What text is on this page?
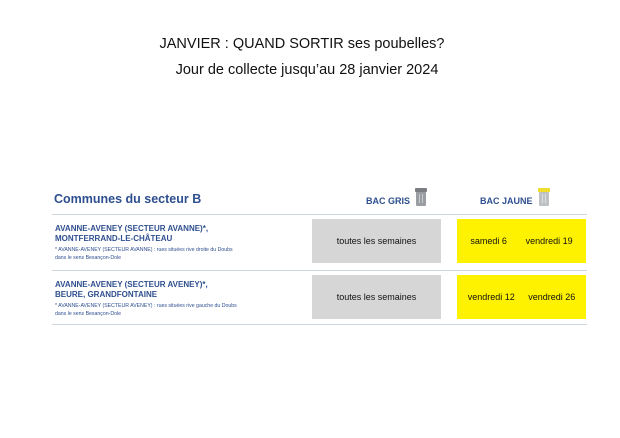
JANVIER : QUAND SORTIR ses poubelles?
Jour de collecte jusqu’au 28 janvier 2024
Communes du secteur B	BAC GRIS	BAC JAUNE
AVANNE-AVENEY (SECTEUR AVANNE)*,
MONTFERRAND-LE-CHÂTEAU
* AVANNE-AVENEY (SECTEUR AVANNE) : rues situées rive droite du Doubs
dans le sens Besançon-Dole
toutes les semaines	samedi 6 vendredi 19
AVANNE-AVENEY (SECTEUR AVENEY)*,
BEURE, GRANDFONTAINE
* AVANNE-AVENEY (SECTEUR AVENEY) : rues situées rive gauche du Doubs
dans le sens Besançon-Dole
toutes les semaines	vendredi 12 vendredi 26
